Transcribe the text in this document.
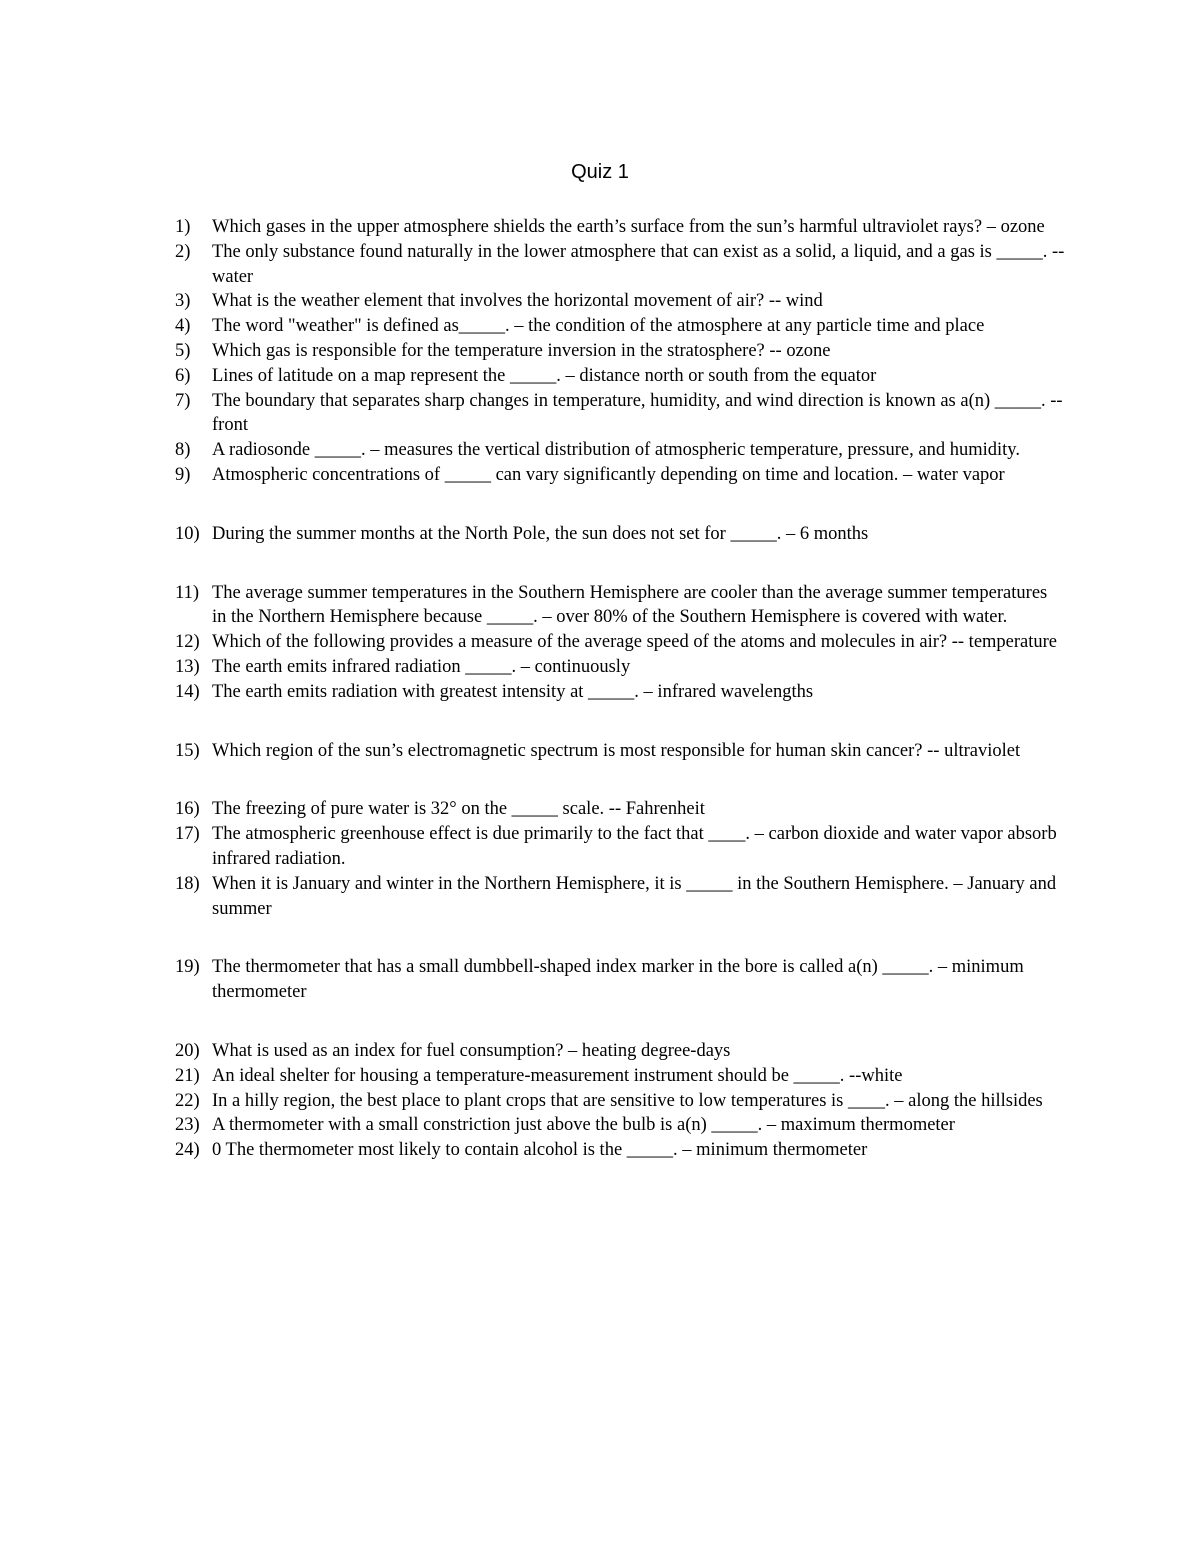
Quiz 1
1)	Which gases in the upper atmosphere shields the earth’s surface from the sun’s harmful ultraviolet rays? – ozone
2)	The only substance found naturally in the lower atmosphere that can exist as a solid, a liquid, and a gas is _____. --water
3)	What is the weather element that involves the horizontal movement of air? -- wind
4)	The word "weather" is defined as_____. – the condition of the atmosphere at any particle time and place
5)	Which gas is responsible for the temperature inversion in the stratosphere? -- ozone
6)	Lines of latitude on a map represent the _____. – distance north or south from the equator
7)	The boundary that separates sharp changes in temperature, humidity, and wind direction is known as a(n) _____. -- front
8)	A radiosonde _____. – measures the vertical distribution of atmospheric temperature, pressure, and humidity.
9)	Atmospheric concentrations of _____ can vary significantly depending on time and location. – water vapor
10) During the summer months at the North Pole, the sun does not set for _____. – 6 months
11) The average summer temperatures in the Southern Hemisphere are cooler than the average summer temperatures in the Northern Hemisphere because _____. – over 80% of the Southern Hemisphere is covered with water.
12) Which of the following provides a measure of the average speed of the atoms and molecules in air? -- temperature
13) The earth emits infrared radiation _____. – continuously
14) The earth emits radiation with greatest intensity at _____. – infrared wavelengths
15) Which region of the sun’s electromagnetic spectrum is most responsible for human skin cancer? -- ultraviolet
16) The freezing of pure water is 32° on the _____ scale. -- Fahrenheit
17) The atmospheric greenhouse effect is due primarily to the fact that ____. – carbon dioxide and water vapor absorb infrared radiation.
18) When it is January and winter in the Northern Hemisphere, it is _____ in the Southern Hemisphere. – January and summer
19) The thermometer that has a small dumbbell-shaped index marker in the bore is called a(n) _____. – minimum thermometer
20) What is used as an index for fuel consumption? – heating degree-days
21) An ideal shelter for housing a temperature-measurement instrument should be _____. --white
22) In a hilly region, the best place to plant crops that are sensitive to low temperatures is ____. – along the hillsides
23) A thermometer with a small constriction just above the bulb is a(n) _____. – maximum thermometer
24) 0 The thermometer most likely to contain alcohol is the _____. – minimum thermometer
